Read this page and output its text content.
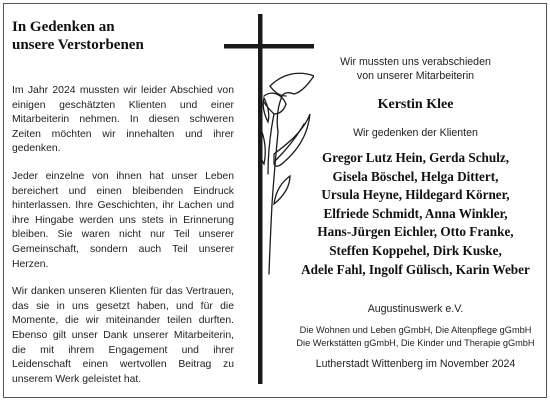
In Gedenken an
unsere Verstorbenen

Im Jahr 2024 mussten wir leider Abschied von einigen geschätzten Klienten und einer Mitarbeiterin nehmen. In diesen schweren Zeiten möchten wir innehalten und ihrer gedenken.

Jeder einzelne von ihnen hat unser Leben bereichert und einen bleibenden Eindruck hinterlassen. Ihre Geschichten, ihr Lachen und ihre Hingabe werden uns stets in Erinnerung bleiben. Sie waren nicht nur Teil unserer Gemeinschaft, sondern auch Teil unserer Herzen.

Wir danken unseren Klienten für das Vertrauen, das sie in uns gesetzt haben, und für die Momente, die wir miteinander teilen durften. Ebenso gilt unser Dank unserer Mitarbeiterin, die mit ihrem Engagement und ihrer Leidenschaft einen wertvollen Beitrag zu unserem Werk geleistet hat.

Wir mussten uns verabschieden
von unserer Mitarbeiterin
Kerstin Klee
Wir gedenken der Klienten
Gregor Lutz Hein, Gerda Schulz,
Gisela Böschel, Helga Dittert,
Ursula Heyne, Hildegard Körner,
Elfriede Schmidt, Anna Winkler,
Hans-Jürgen Eichler, Otto Franke,
Steffen Koppehel, Dirk Kuske,
Adele Fahl, Ingolf Gülisch, Karin Weber
Augustinuswerk e.V.
Die Wohnen und Leben gGmbH, Die Altenpflege gGmbH
Die Werkstätten gGmbH, Die Kinder und Therapie gGmbH
Lutherstadt Wittenberg im November 2024
